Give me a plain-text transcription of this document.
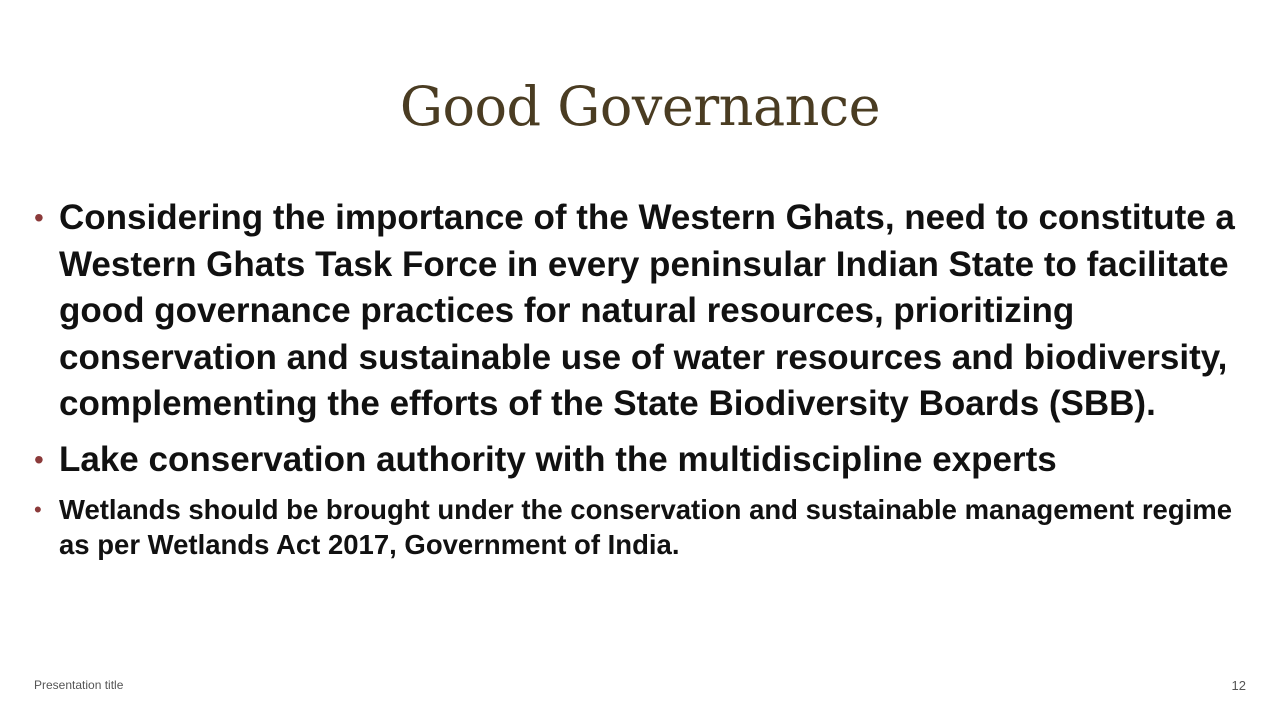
Good Governance
• Considering the importance of the Western Ghats, need to constitute a Western Ghats Task Force in every peninsular Indian State to facilitate good governance practices for natural resources, prioritizing conservation and sustainable use of water resources and biodiversity, complementing the efforts of the State Biodiversity Boards (SBB).
• Lake conservation authority with the multidiscipline experts
• Wetlands should be brought under the conservation and sustainable management regime as per Wetlands Act 2017, Government of India.
Presentation title	12
